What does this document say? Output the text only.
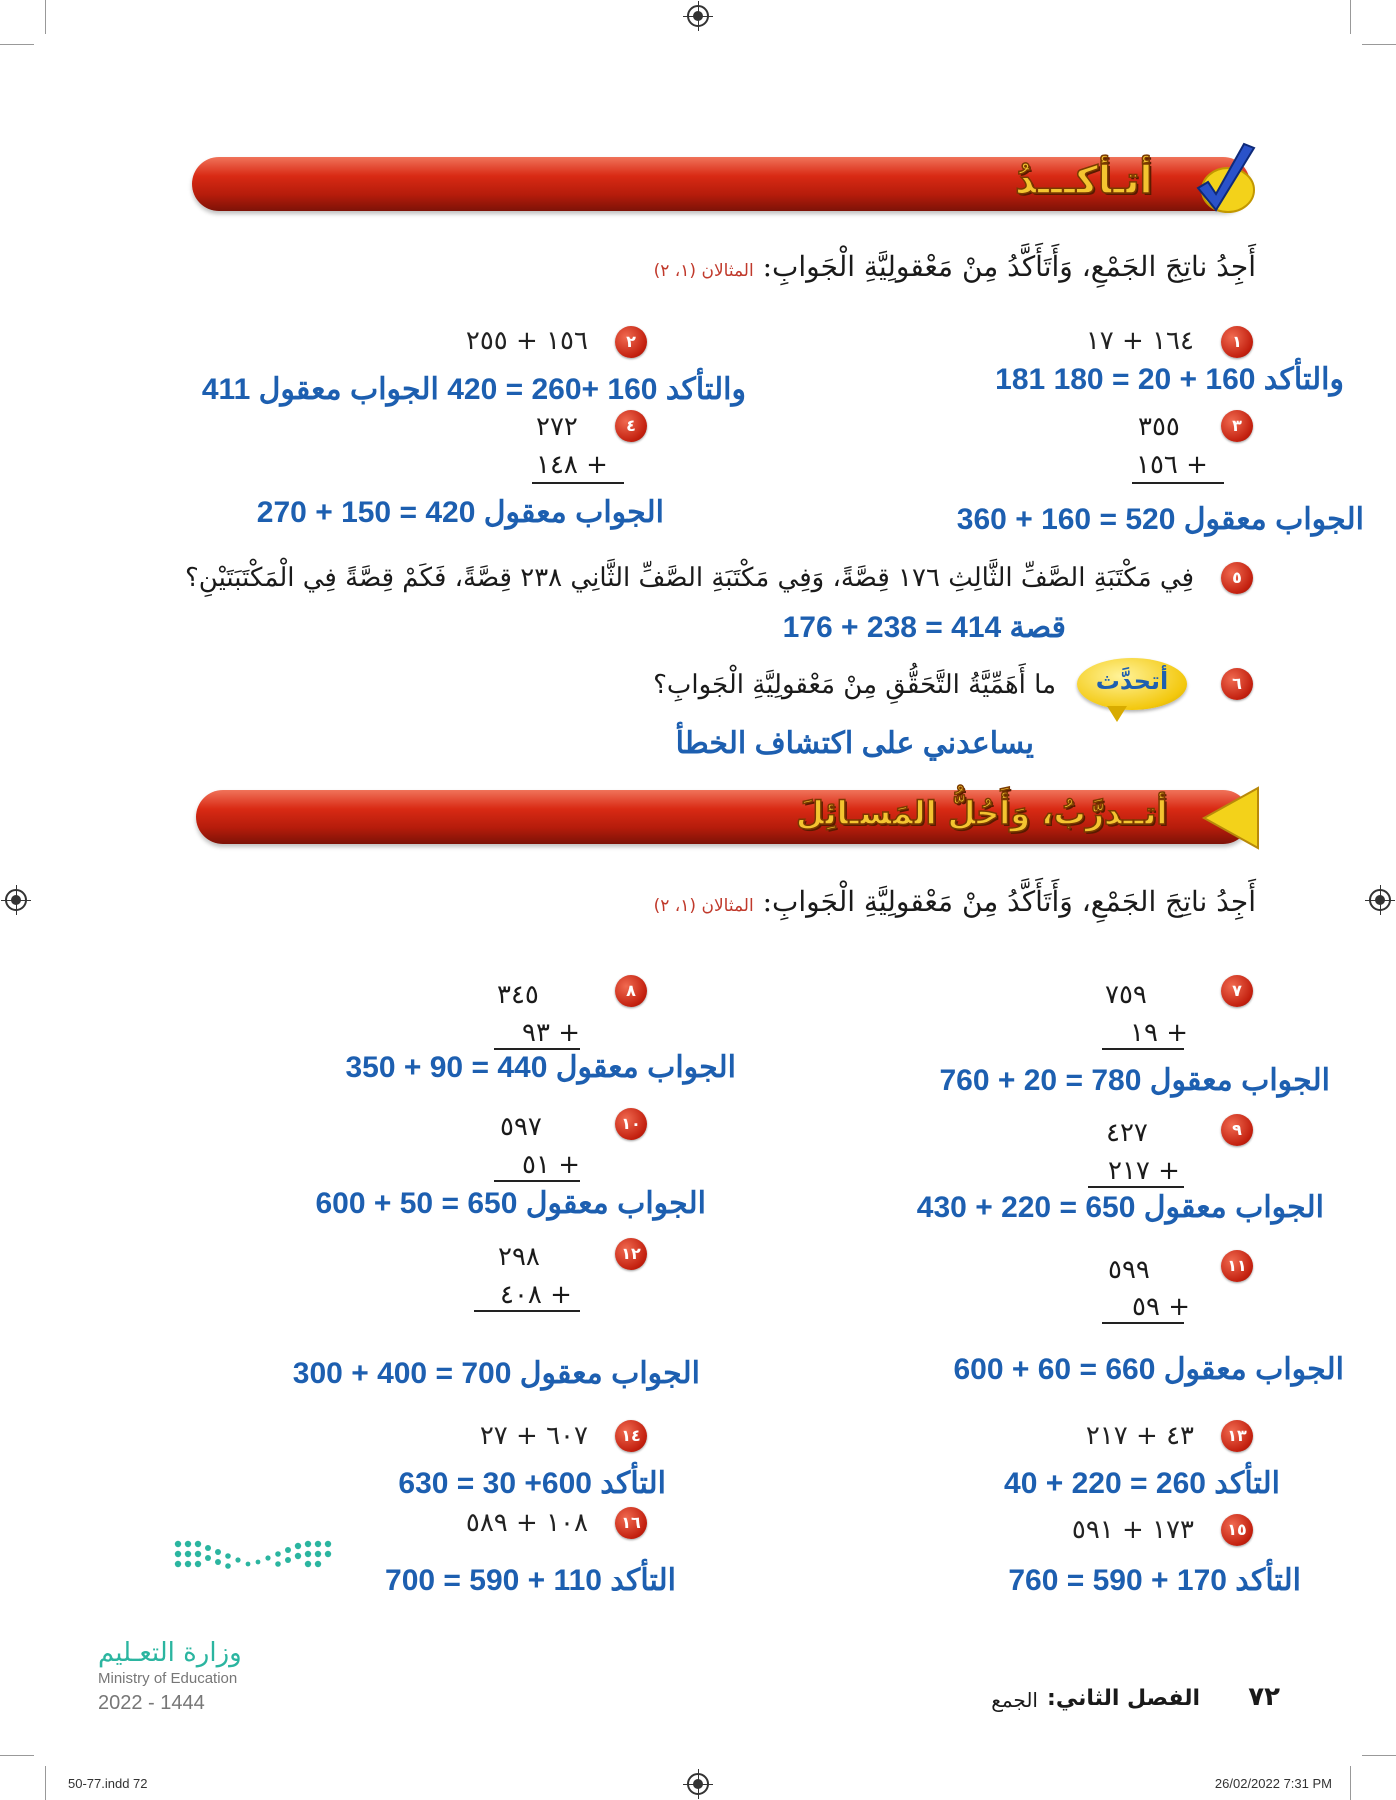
أتـأكـــدُ
أَجِدُ ناتِجَ الجَمْعِ، وَأَتَأَكَّدُ مِنْ مَعْقولِيَّةِ الْجَوابِ: المثالان (١، ٢)
١
١٦٤ + ١٧
والتأكد 160 + 20 = 180 181
٢
١٥٦ + ٢٥٥
والتأكد 160 +260 = 420 الجواب معقول 411
٣
٣٥٥
+ ١٥٦
الجواب معقول 520 = 160 + 360
٤
٢٧٢
+ ١٤٨
الجواب معقول 420 = 150 + 270
٥
فِي مَكْتَبَةِ الصَّفِّ الثَّالِثِ ١٧٦ قِصَّةً، وَفِي مَكْتَبَةِ الصَّفِّ الثَّانِي ٢٣٨ قِصَّةً، فَكَمْ قِصَّةً فِي الْمَكْتَبَتَيْنِ؟
قصة 414 = 238 + 176
٦
أتحدَّث
ما أَهَمِّيَّةُ التَّحَقُّقِ مِنْ مَعْقولِيَّةِ الْجَوابِ؟
يساعدني على اكتشاف الخطأ
أتــدرَّبُ، وَأَحُلُّ المَسـائِلَ
أَجِدُ ناتِجَ الجَمْعِ، وَأَتَأَكَّدُ مِنْ مَعْقولِيَّةِ الْجَوابِ: المثالان (١، ٢)
٧
٧٥٩
+ ١٩
الجواب معقول 780 = 20 + 760
٨
٣٤٥
+ ٩٣
الجواب معقول 440 = 90 + 350
٩
٤٢٧
+ ٢١٧
الجواب معقول 650 = 220 + 430
١٠
٥٩٧
+ ٥١
الجواب معقول 650 = 50 + 600
١١
٥٩٩
+ ٥٩
الجواب معقول 660 = 60 + 600
١٢
٢٩٨
+ ٤٠٨
الجواب معقول 700 = 400 + 300
١٣
٤٣ + ٢١٧
التأكد 260 = 220 + 40
١٤
٦٠٧ + ٢٧
التأكد 600+ 30 = 630
١٥
١٧٣ + ٥٩١
التأكد 170 + 590 = 760
١٦
١٠٨ + ٥٨٩
التأكد 110 + 590 = 700
وزارة التعـليم
Ministry of Education
2022 - 1444	٧٢
الفصل الثاني:
الجمع
50-77.indd 72	26/02/2022 7:31 PM
